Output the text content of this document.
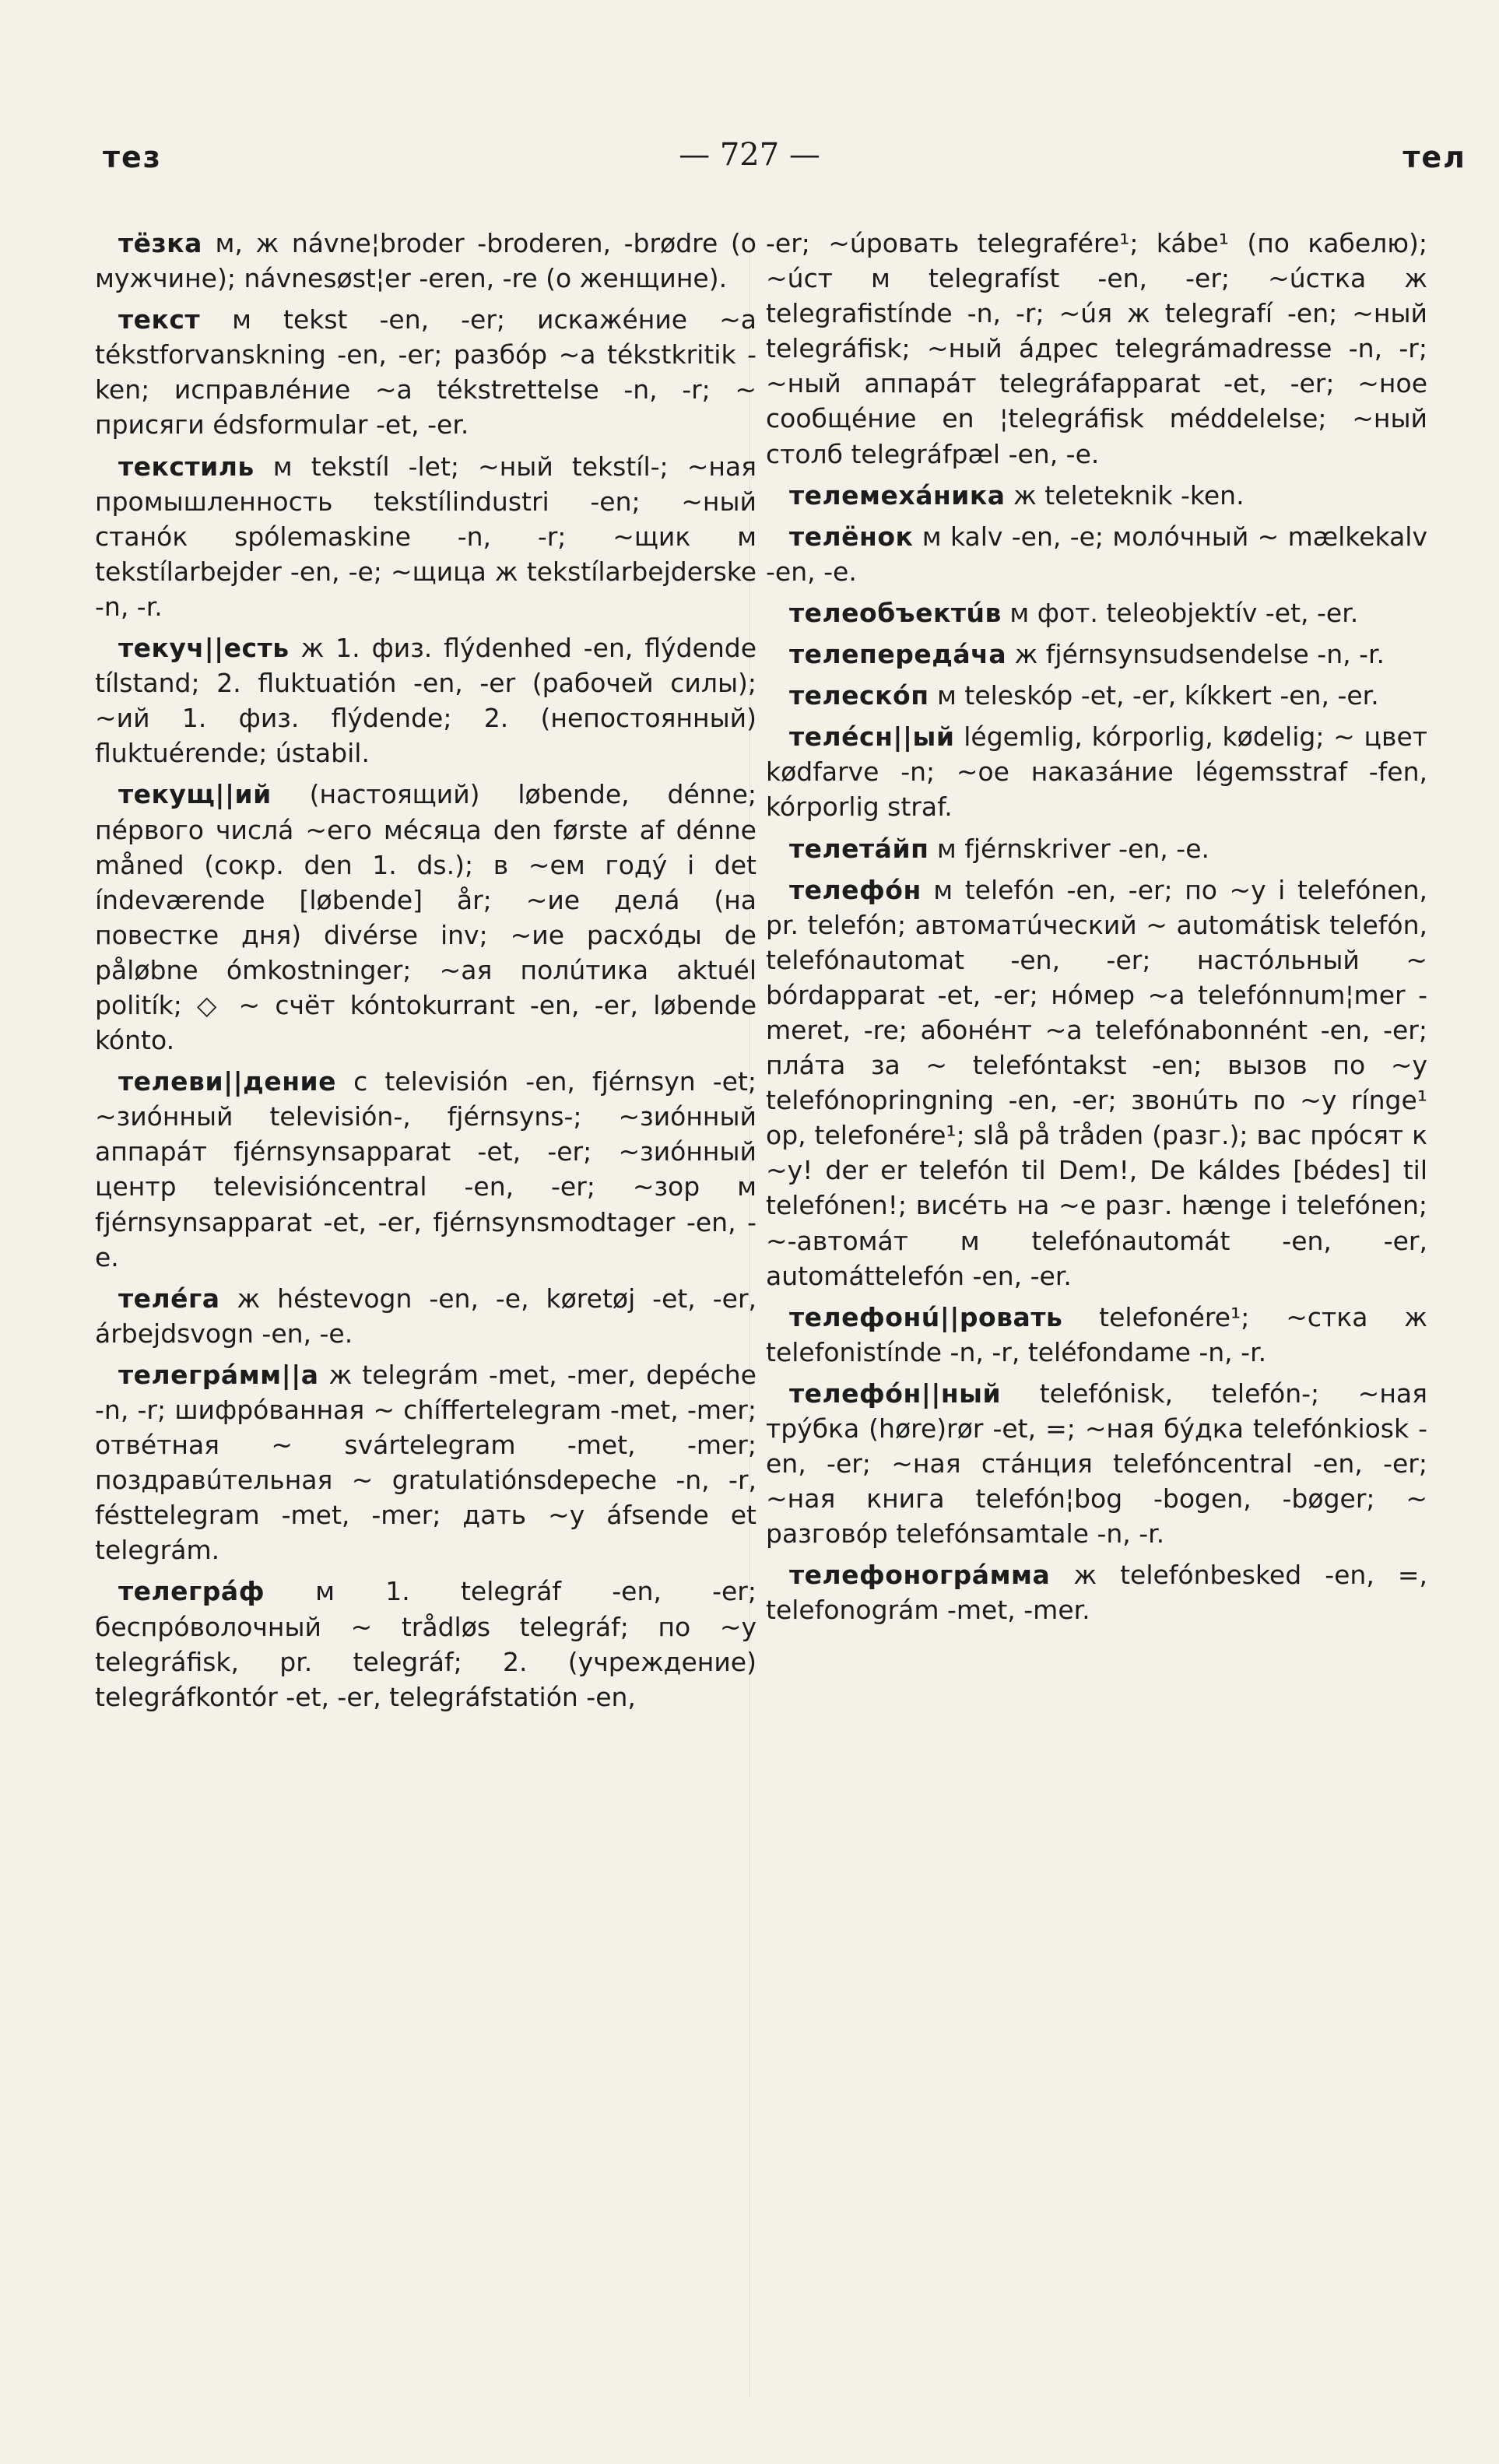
тез	— 727 —	тел

тёзка м, ж návne¦broder -broderen, -brødre (о мужчине); návnesøst¦er -eren, -re (о женщине).

текст м tekst -en, -er; искажéние ~а tékstforvanskning -en, -er; разбóр ~а tékstkritik -ken; исправлéние ~а tékstrettelse -n, -r; ~ присяги édsformular -et, -er.

текстиль м tekstíl -let; ~ный tekstíl-; ~ная промышленность tekstílindustri -en; ~ный станóк spólemaskine -n, -r; ~щик м tekstílarbejder -en, -e; ~щица ж tekstílarbejderske -n, -r.

текуч||есть ж 1. физ. flýdenhed -en, flýdende tílstand; 2. fluktuatión -en, -er (рабочей силы); ~ий 1. физ. flýdende; 2. (непостоянный) fluktuérende; ústabil.

текущ||ий (настоящий) løbende, dénne; пéрвого числá ~его мéсяца den første af dénne måned (сокр. den 1. ds.); в ~ем годý i det índeværende [løbende] år; ~ие делá (на повестке дня) divérse inv; ~ие расхóды de påløbne ómkostninger; ~ая полúтика aktuél politík; ◇ ~ счёт kóntokurrant -en, -er, løbende kónto.

телеви||дение с televisión -en, fjérnsyn -et; ~зиóнный televisión-, fjérnsyns-; ~зиóнный аппарáт fjérnsynsapparat -et, -er; ~зиóнный центр televisióncentral -en, -er; ~зор м fjérnsynsapparat -et, -er, fjérnsynsmodtager -en, -e.

телéга ж héstevogn -en, -e, køretøj -et, -er, árbejdsvogn -en, -e.

телегрáмм||а ж telegrám -met, -mer, depéche -n, -r; шифрóванная ~ chíffertelegram -met, -mer; отвéтная ~ svártelegram -met, -mer; поздравúтельная ~ gratulatiónsdepeche -n, -r, fésttelegram -met, -mer; дать ~у áfsende et telegrám.

телегрáф м 1. telegráf -en, -er; беспрóволочный ~ trådløs telegráf; по ~у telegráfisk, pr. telegráf; 2. (учреждение) telegráfkontór -et, -er, telegráfstatión -en,

-er; ~úровать telegrafére¹; kábe¹ (по кабелю); ~úст м telegrafíst -en, -er; ~úстка ж telegrafistínde -n, -r; ~úя ж telegrafí -en; ~ный telegráfisk; ~ный áдрес telegrámadresse -n, -r; ~ный аппарáт telegráfapparat -et, -er; ~ное сообщéние en ¦telegráfisk méddelelse; ~ный столб telegráfpæl -en, -e.

телемехáника ж teleteknik -ken.

телёнок м kalv -en, -e; молóчный ~ mælkekalv -en, -e.

телеобъектúв м фот. teleobjektív -et, -er.

телепередáча ж fjérnsynsudsendelse -n, -r.

телескóп м teleskóp -et, -er, kíkkert -en, -er.

телéсн||ый légemlig, kórporlig, kødelig; ~ цвет kødfarve -n; ~ое наказáние légemsstraf -fen, kórporlig straf.

телетáйп м fjérnskriver -en, -e.

телефóн м telefón -en, -er; по ~у i telefónen, pr. telefón; автоматúческий ~ automátisk telefón, telefónautomat -en, -er; настóльный ~ bórdapparat -et, -er; нóмер ~а telefónnum¦mer -meret, -re; абонéнт ~а telefónabonnént -en, -er; плáта за ~ telefóntakst -en; вызов по ~у telefónopringning -en, -er; звонúть по ~у ríngе¹ op, telefonére¹; slå på tråden (разг.); вас прóсят к ~у! der er telefón til Dem!, De káldes [bédes] til telefónen!; висéть на ~е разг. hænge i telefónen; ~-автомáт м telefónautomát -en, -er, automáttelefón -en, -er.

телефонú||ровать telefonére¹; ~стка ж telefonistínde -n, -r, teléfondame -n, -r.

телефóн||ный telefónisk, telefón-; ~ная трýбка (høre)rør -et, =; ~ная бýдка telefónkiosk -en, -er; ~ная стáнция telefóncentral -en, -er; ~ная книга telefón¦bog -bogen, -bøger; ~ разговóр telefónsamtale -n, -r.

телефоногрáмма ж telefónbesked -en, =, telefonográm -met, -mer.
